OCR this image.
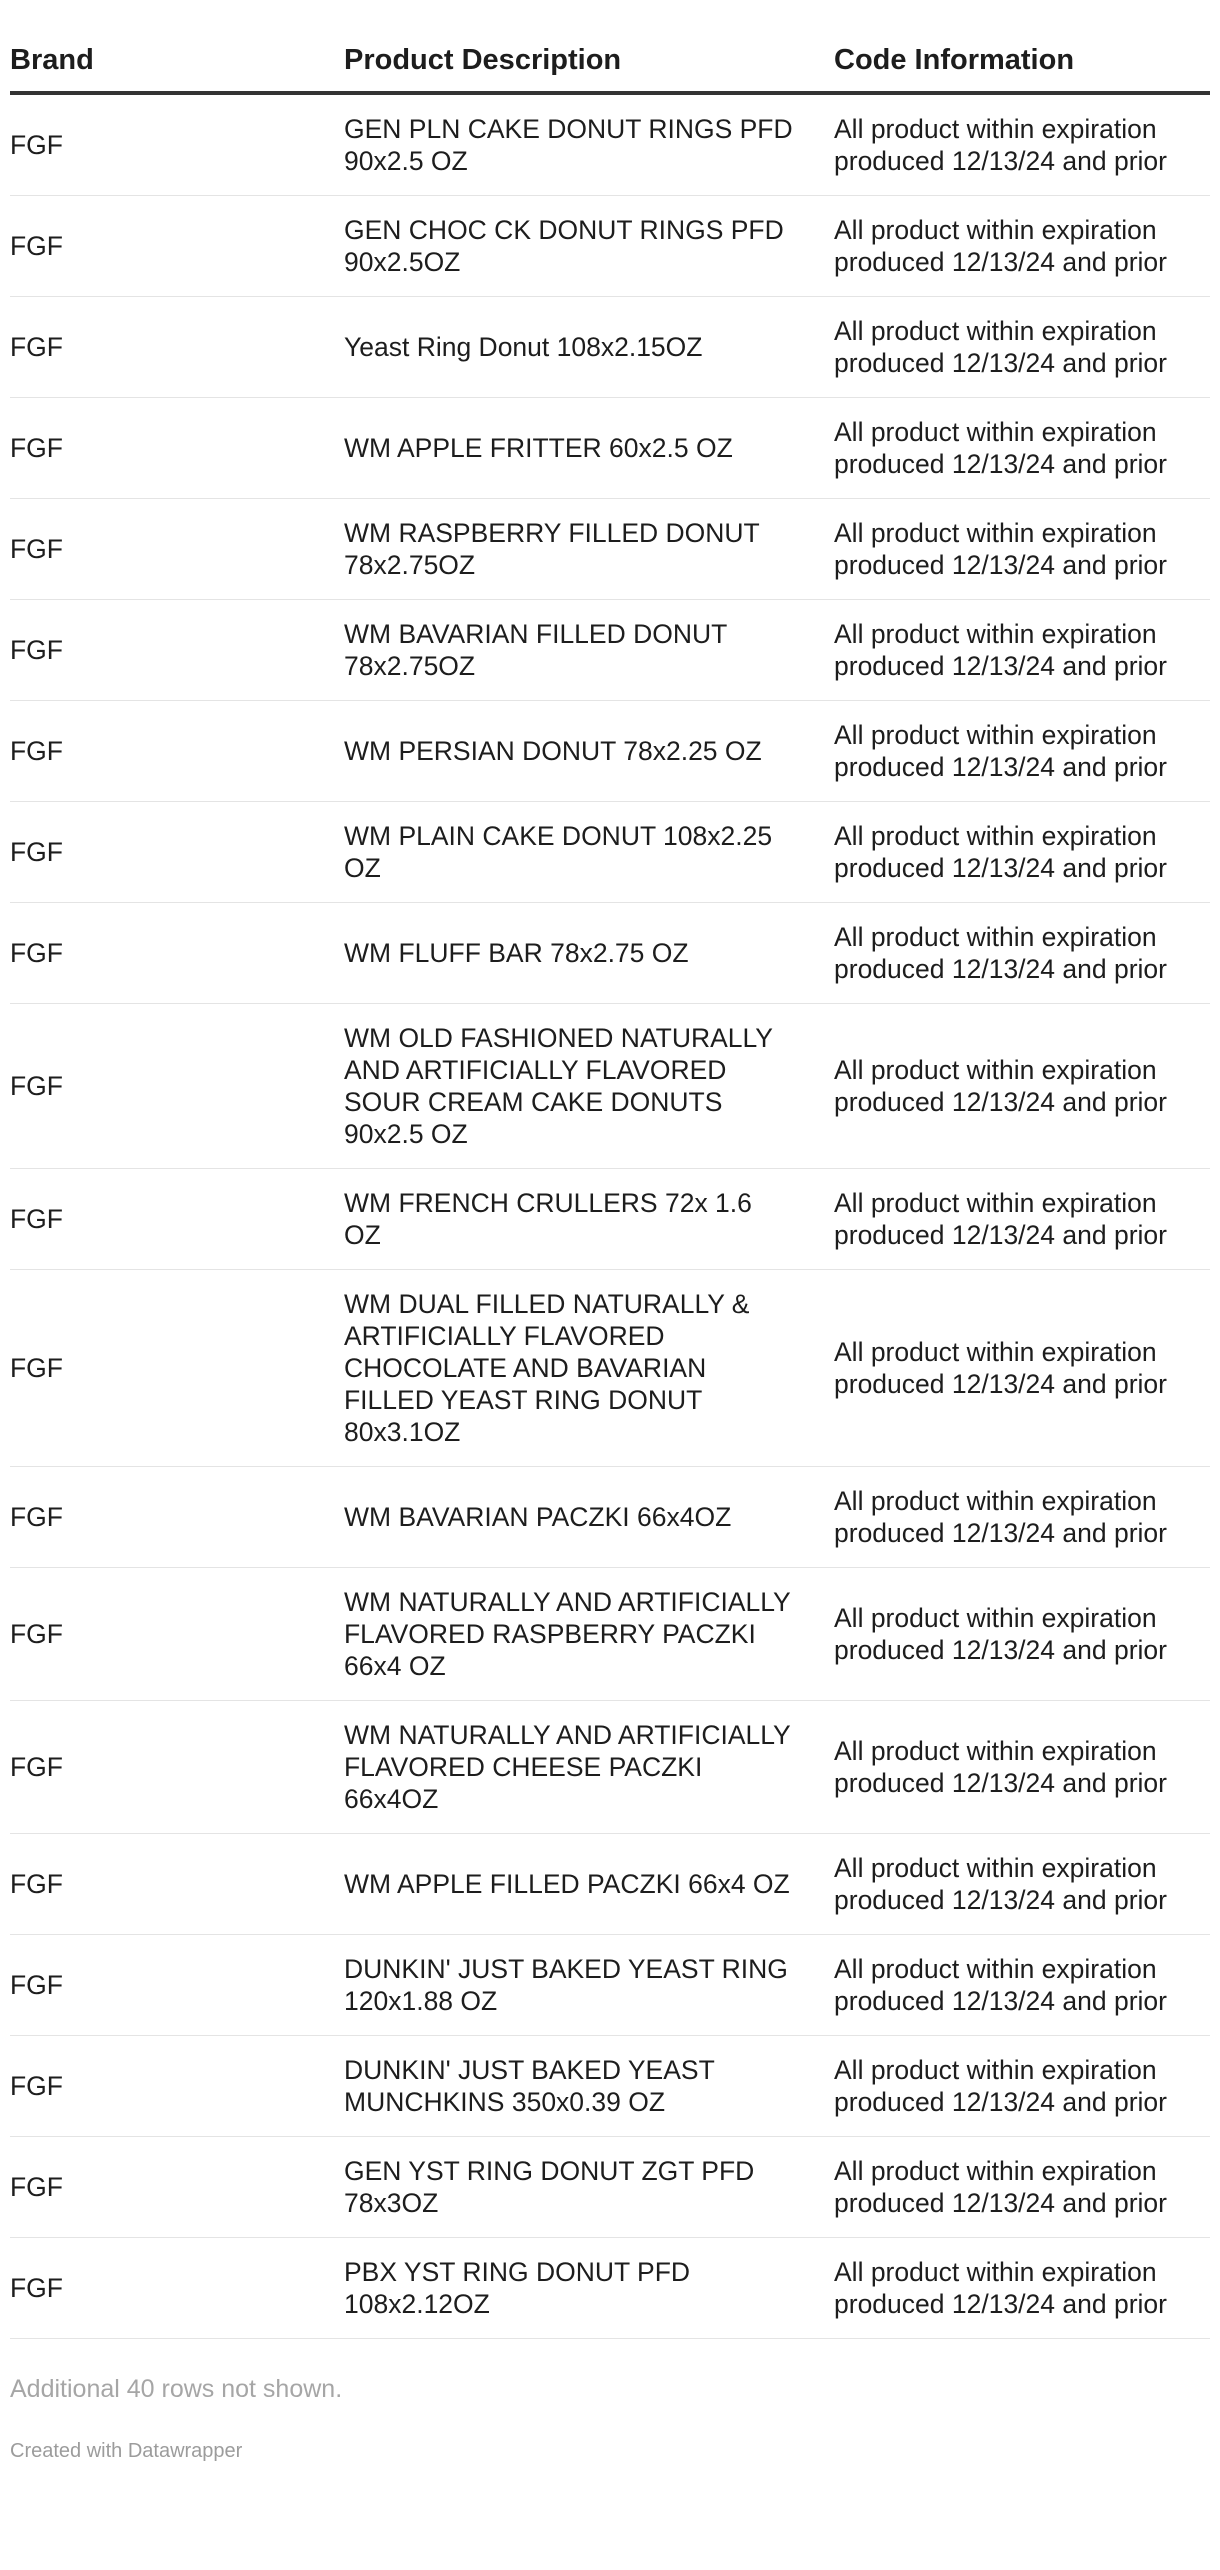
Brand	Product Description	Code Information
FGF	GEN PLN CAKE DONUT RINGS PFD 90x2.5 OZ	All product within expiration
produced 12/13/24 and prior

FGF	GEN CHOC CK DONUT RINGS PFD 90x2.5OZ	All product within expiration
produced 12/13/24 and prior

FGF	Yeast Ring Donut 108x2.15OZ	All product within expiration
produced 12/13/24 and prior

FGF	WM APPLE FRITTER 60x2.5 OZ	All product within expiration
produced 12/13/24 and prior

FGF	WM RASPBERRY FILLED DONUT 78x2.75OZ	All product within expiration
produced 12/13/24 and prior

FGF	WM BAVARIAN FILLED DONUT 78x2.75OZ	All product within expiration
produced 12/13/24 and prior

FGF	WM PERSIAN DONUT 78x2.25 OZ	All product within expiration
produced 12/13/24 and prior

FGF	WM PLAIN CAKE DONUT 108x2.25 OZ	All product within expiration
produced 12/13/24 and prior

FGF	WM FLUFF BAR 78x2.75 OZ	All product within expiration
produced 12/13/24 and prior

FGF	WM OLD FASHIONED NATURALLY AND ARTIFICIALLY FLAVORED SOUR CREAM CAKE DONUTS 90x2.5 OZ	All product within expiration
produced 12/13/24 and prior

FGF	WM FRENCH CRULLERS 72x 1.6 OZ	All product within expiration
produced 12/13/24 and prior

FGF	WM DUAL FILLED NATURALLY & ARTIFICIALLY FLAVORED CHOCOLATE AND BAVARIAN FILLED YEAST RING DONUT 80x3.1OZ	All product within expiration
produced 12/13/24 and prior

FGF	WM BAVARIAN PACZKI 66x4OZ	All product within expiration
produced 12/13/24 and prior

FGF	WM NATURALLY AND ARTIFICIALLY FLAVORED RASPBERRY PACZKI 66x4 OZ	All product within expiration
produced 12/13/24 and prior

FGF	WM NATURALLY AND ARTIFICIALLY FLAVORED CHEESE PACZKI 66x4OZ	All product within expiration
produced 12/13/24 and prior

FGF	WM APPLE FILLED PACZKI 66x4 OZ	All product within expiration
produced 12/13/24 and prior

FGF	DUNKIN' JUST BAKED YEAST RING 120x1.88 OZ	All product within expiration
produced 12/13/24 and prior

FGF	DUNKIN' JUST BAKED YEAST MUNCHKINS 350x0.39 OZ	All product within expiration
produced 12/13/24 and prior

FGF	GEN YST RING DONUT ZGT PFD 78x3OZ	All product within expiration
produced 12/13/24 and prior

FGF	PBX YST RING DONUT PFD 108x2.12OZ	All product within expiration
produced 12/13/24 and prior
Additional 40 rows not shown.
Created with Datawrapper
